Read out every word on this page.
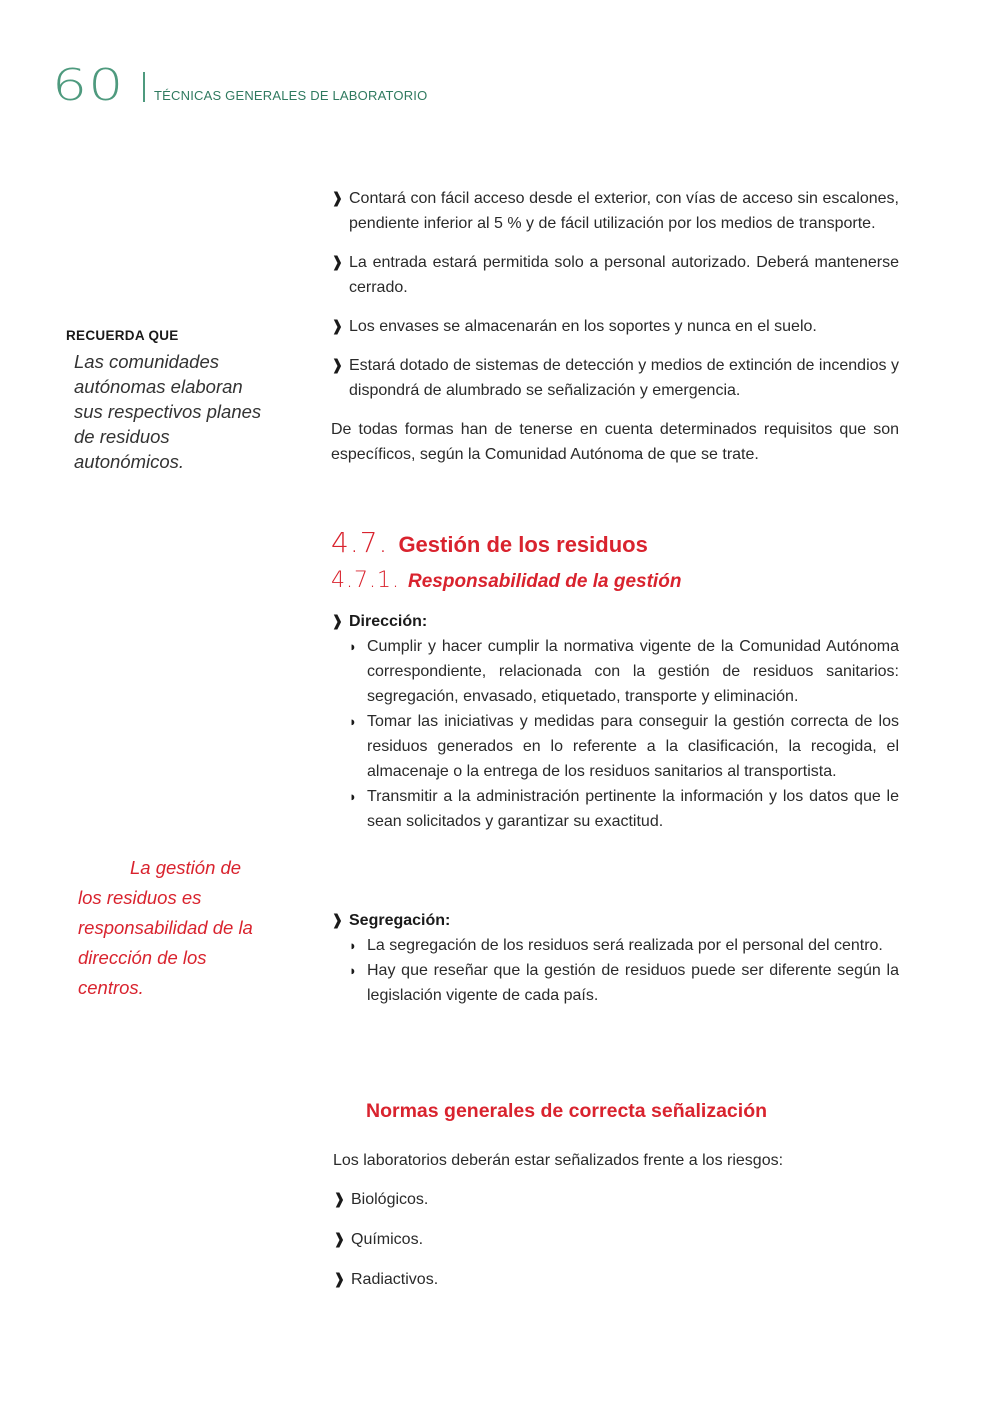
60 TÉCNICAS GENERALES DE LABORATORIO
RECUERDA QUE
Las comunidades autónomas elaboran sus respectivos planes de residuos autonómicos.
La gestión de los residuos es responsabilidad de la dirección de los centros.
❱ Contará con fácil acceso desde el exterior, con vías de acceso sin escalones, pendiente inferior al 5 % y de fácil utilización por los medios de transporte.
❱ La entrada estará permitida solo a personal autorizado. Deberá mantenerse cerrado.
❱ Los envases se almacenarán en los soportes y nunca en el suelo.
❱ Estará dotado de sistemas de detección y medios de extinción de incendios y dispondrá de alumbrado se señalización y emergencia.
De todas formas han de tenerse en cuenta determinados requisitos que son específicos, según la Comunidad Autónoma de que se trate.
4.7. Gestión de los residuos
4.7.1. Responsabilidad de la gestión
❱ Dirección:
◗ Cumplir y hacer cumplir la normativa vigente de la Comunidad Autónoma correspondiente, relacionada con la gestión de residuos sanitarios: segregación, envasado, etiquetado, transporte y eliminación.
◗ Tomar las iniciativas y medidas para conseguir la gestión correcta de los residuos generados en lo referente a la clasificación, la recogida, el almacenaje o la entrega de los residuos sanitarios al transportista.
◗ Transmitir a la administración pertinente la información y los datos que le sean solicitados y garantizar su exactitud.
❱ Segregación:
◗ La segregación de los residuos será realizada por el personal del centro.
◗ Hay que reseñar que la gestión de residuos puede ser diferente según la legislación vigente de cada país.
Normas generales de correcta señalización
Los laboratorios deberán estar señalizados frente a los riesgos:
❱ Biológicos.
❱ Químicos.
❱ Radiactivos.
